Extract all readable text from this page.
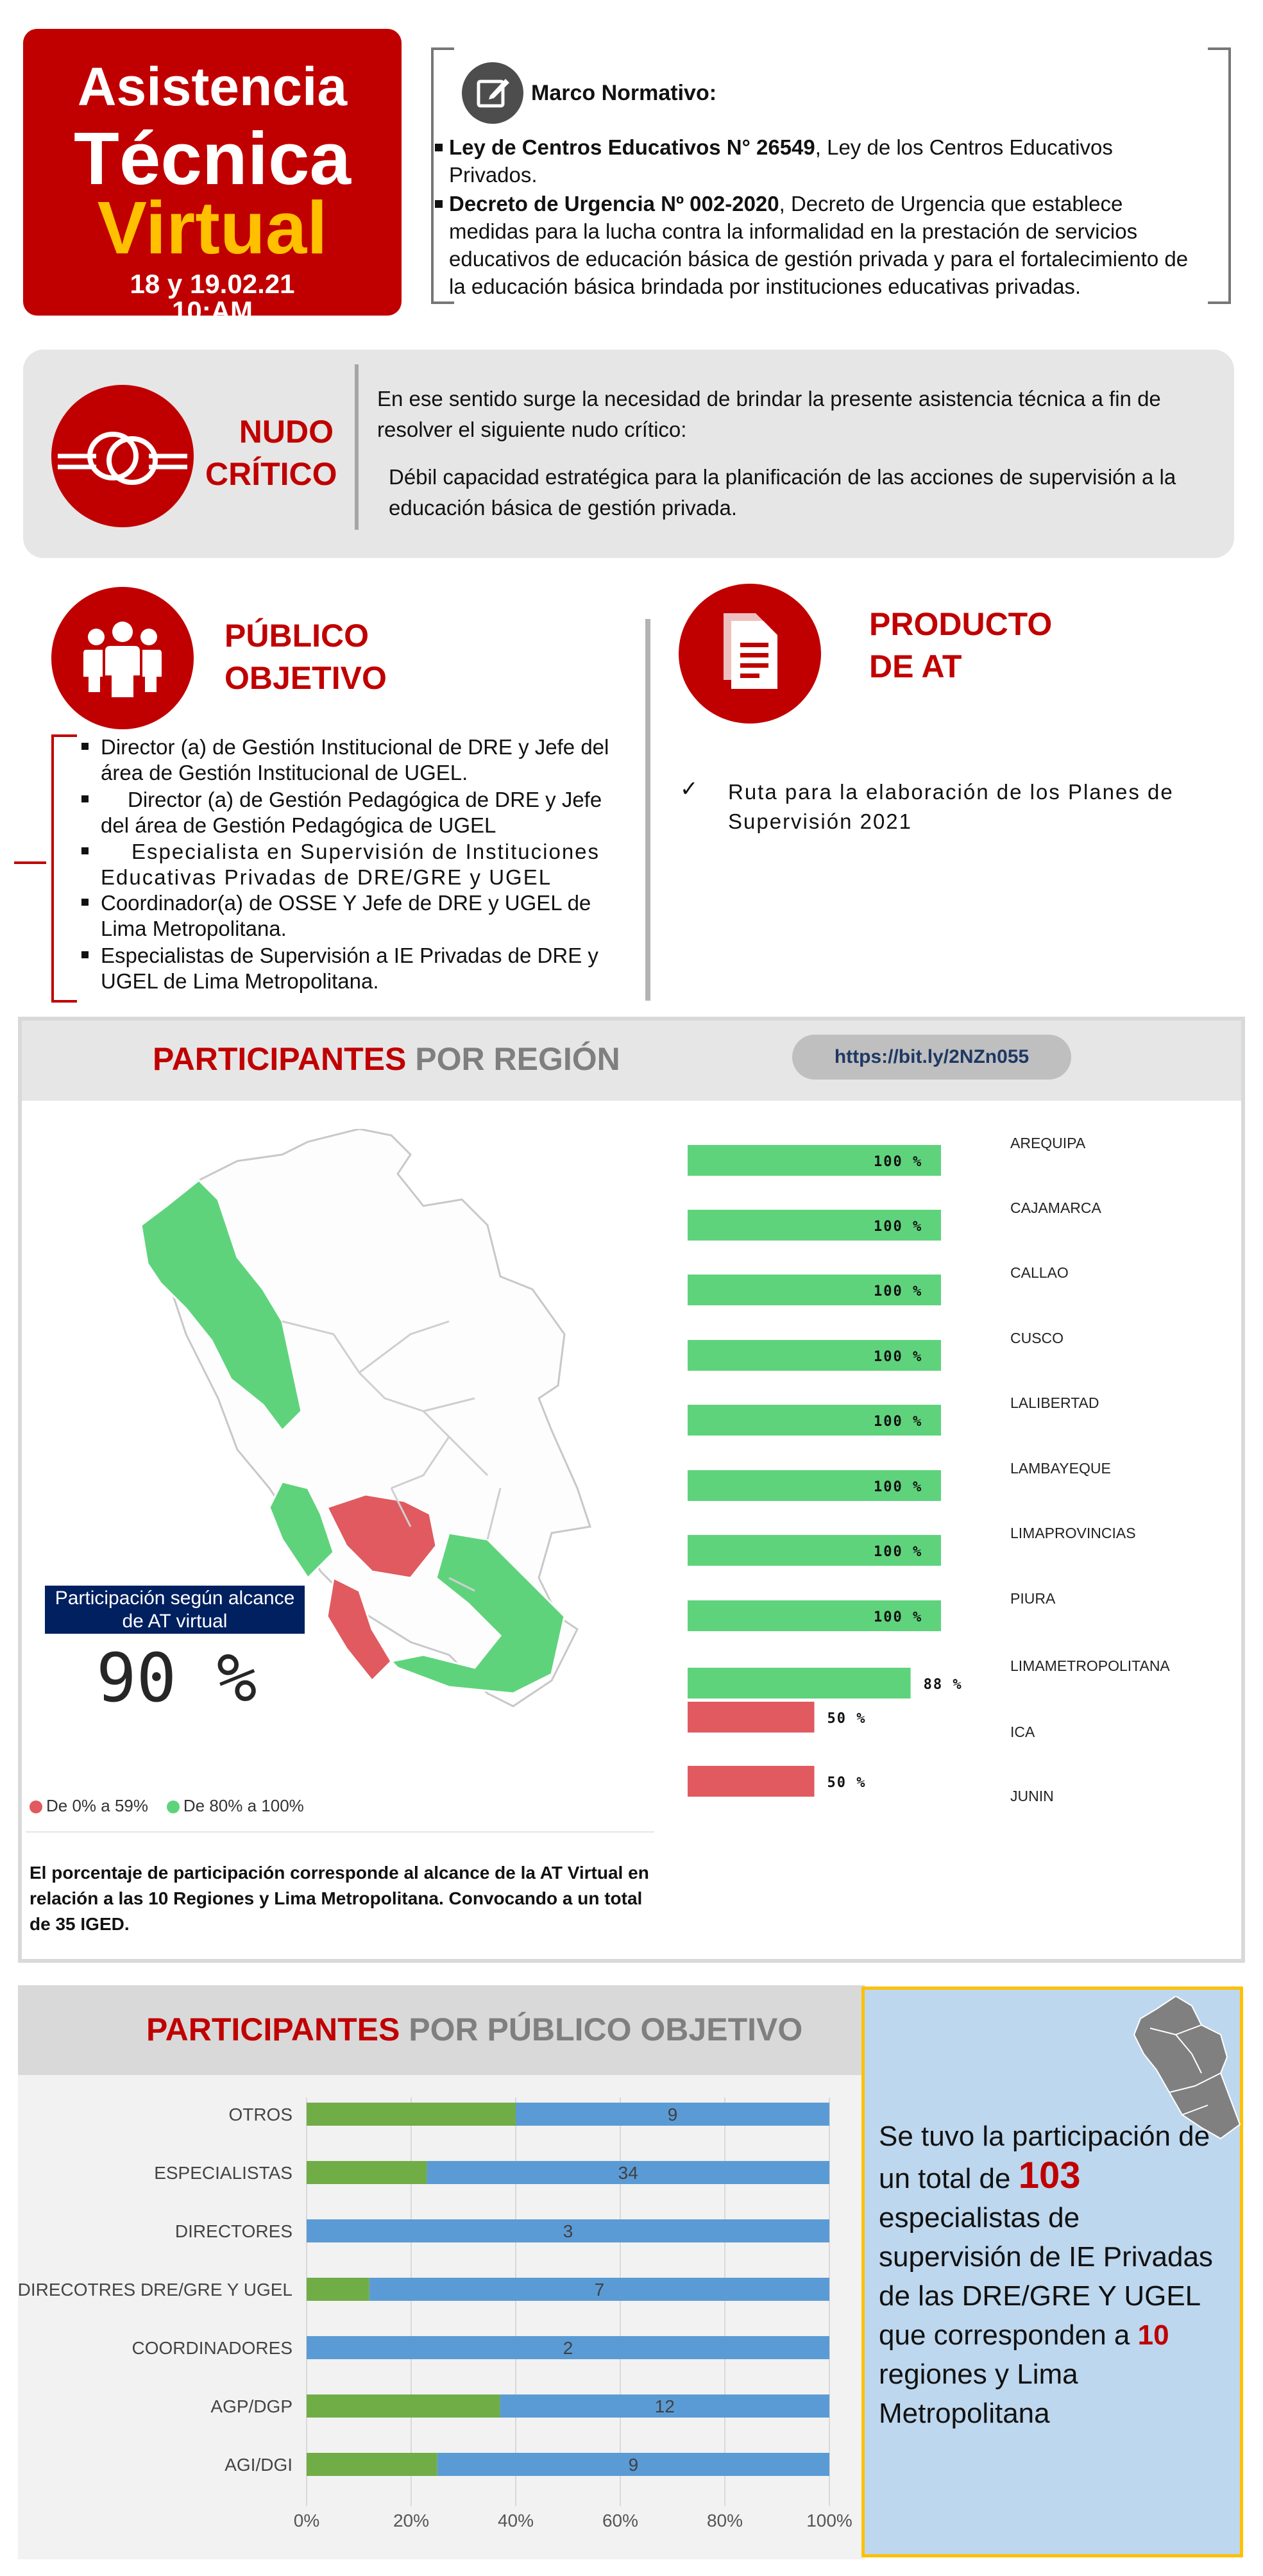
Asistencia
Técnica
Virtual
18 y 19.02.21
10:AM
Marco Normativo:
Ley de Centros Educativos N° 26549, Ley de los Centros Educativos Privados.
Decreto de Urgencia Nº 002-2020, Decreto de Urgencia que establece medidas para la lucha contra la informalidad en la prestación de servicios educativos de educación básica de gestión privada y para el fortalecimiento de la educación básica brindada por instituciones educativas privadas.
NUDO
CRÍTICO
En ese sentido surge la necesidad de brindar la presente asistencia técnica a fin de resolver el siguiente nudo crítico:
Débil capacidad estratégica para la planificación de las acciones de supervisión a la educación básica de gestión privada.
PÚBLICO
OBJETIVO
Director (a) de Gestión Institucional de DRE y Jefe del área de Gestión Institucional de UGEL.
Director (a) de Gestión Pedagógica de DRE y Jefe del área de Gestión Pedagógica de UGEL
Especialista en Supervisión de Instituciones Educativas Privadas de DRE/GRE y UGEL
Coordinador(a) de OSSE Y Jefe de DRE y UGEL de Lima Metropolitana.
Especialistas de Supervisión a IE Privadas de DRE y UGEL de Lima Metropolitana.
PRODUCTO
DE AT
✓ Ruta para la elaboración de los Planes de Supervisión 2021
PARTICIPANTES POR REGIÓN	https://bit.ly/2NZn055
Participación según alcance de AT virtual
90 %
De 0% a 59% De 80% a 100%
El porcentaje de participación corresponde al alcance de la AT Virtual en relación a las 10 Regiones y Lima Metropolitana. Convocando a un total de 35 IGED.
100 %
AREQUIPA
100 %
CAJAMARCA
100 %
CALLAO
100 %
CUSCO
100 %
LALIBERTAD
100 %
LAMBAYEQUE
100 %
LIMAPROVINCIAS
100 %
PIURA
88 %
LIMAMETROPOLITANA
50 %
ICA
50 %
JUNIN
PARTICIPANTES POR PÚBLICO OBJETIVO
0%	20%	40%	60%	80%	100%
OTROS	9
ESPECIALISTAS	34
DIRECTORES	3
DIRECOTRES DRE/GRE Y UGEL	7
COORDINADORES	2
AGP/DGP	12
AGI/DGI	9
Se tuvo la participación de un total de 103 especialistas de supervisión de IE Privadas de las DRE/GRE Y UGEL que corresponden a 10 regiones y Lima Metropolitana
